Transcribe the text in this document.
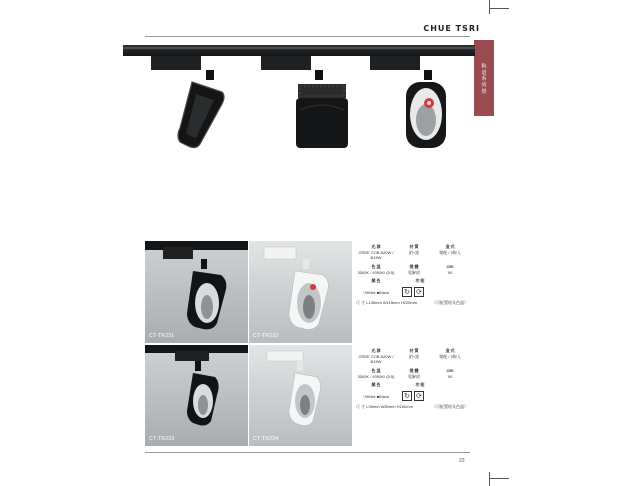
CHUE TSRI
軌 道 系 列 燈
CT-TR231	CT-TR232
CT-TR233	CT-TR234
光 源	材 質	造 式
CREE COB A20W / B15W
鋁+鋁	標配 / 3線入
色 溫	燈 體	CRI
3000K / 4000K/ (5:5)	電解鋁	90
顏 色	功 能
□White ■Black ↻ ⟳
尺 寸 L135mm W115mm H220mm	（可配置燈具色溫）
光 源	材 質	造 式
CREE COB A20W / B15W
鋁+鋁	標配 / 3線入
色 溫	燈 體	CRI
3000K / 4000K/ (5:5)	電解鋁	90
顏 色	功 能
□White ■Black ↻ ⟳
尺 寸 L95mm W80mm H160mm	（可配置燈具色溫）
23
